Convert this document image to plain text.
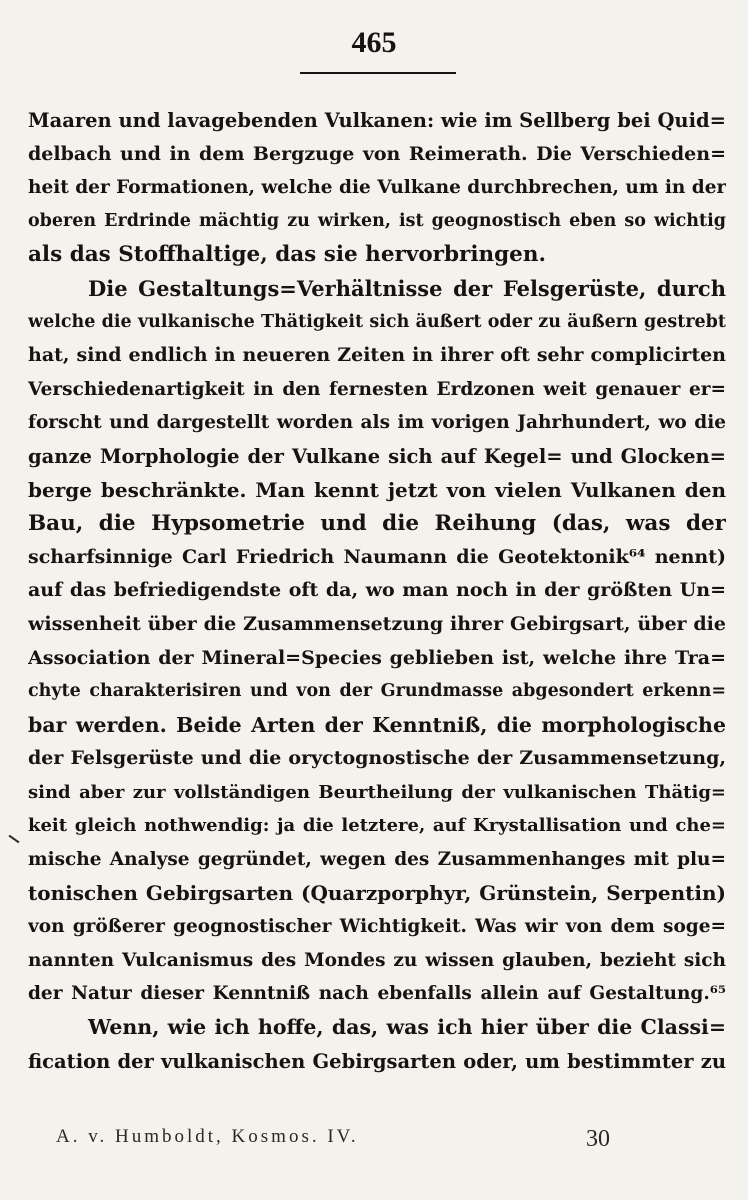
465
Maaren und lavagebenden Vulkanen: wie im Sellberg bei Quid=
delbach und in dem Bergzuge von Reimerath. Die Verschieden=
heit der Formationen, welche die Vulkane durchbrechen, um in der
oberen Erdrinde mächtig zu wirken, ist geognostisch eben so wichtig
als das Stoffhaltige, das sie hervorbringen.
Die Gestaltungs=Verhältnisse der Felsgerüste, durch
welche die vulkanische Thätigkeit sich äußert oder zu äußern gestrebt
hat, sind endlich in neueren Zeiten in ihrer oft sehr complicirten
Verschiedenartigkeit in den fernesten Erdzonen weit genauer er=
forscht und dargestellt worden als im vorigen Jahrhundert, wo die
ganze Morphologie der Vulkane sich auf Kegel= und Glocken=
berge beschränkte. Man kennt jetzt von vielen Vulkanen den
Bau, die Hypsometrie und die Reihung (das, was der
scharfsinnige Carl Friedrich Naumann die Geotektonik⁶⁴ nennt)
auf das befriedigendste oft da, wo man noch in der größten Un=
wissenheit über die Zusammensetzung ihrer Gebirgsart, über die
Association der Mineral=Species geblieben ist, welche ihre Tra=
chyte charakterisiren und von der Grundmasse abgesondert erkenn=
bar werden. Beide Arten der Kenntniß, die morphologische
der Felsgerüste und die oryctognostische der Zusammensetzung,
sind aber zur vollständigen Beurtheilung der vulkanischen Thätig=
keit gleich nothwendig: ja die letztere, auf Krystallisation und che=
mische Analyse gegründet, wegen des Zusammenhanges mit plu=
tonischen Gebirgsarten (Quarzporphyr, Grünstein, Serpentin)
von größerer geognostischer Wichtigkeit. Was wir von dem soge=
nannten Vulcanismus des Mondes zu wissen glauben, bezieht sich
der Natur dieser Kenntniß nach ebenfalls allein auf Gestaltung.⁶⁵
Wenn, wie ich hoffe, das, was ich hier über die Classi=
fication der vulkanischen Gebirgsarten oder, um bestimmter zu
A. v. Humboldt, Kosmos. IV.	30
